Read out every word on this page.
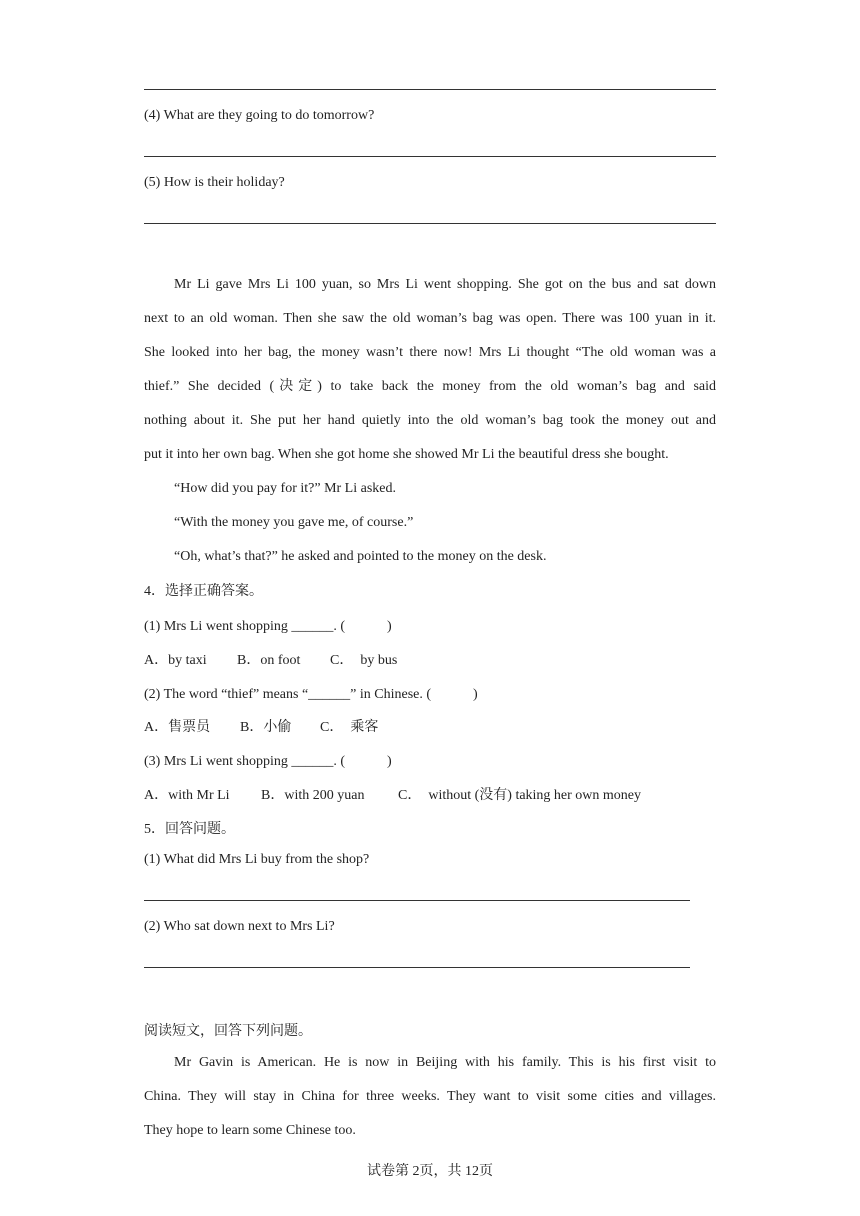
(4) What are they going to do tomorrow?
(5) How is their holiday?
Mr Li gave Mrs Li 100 yuan, so Mrs Li went shopping. She got on the bus and sat down
next to an old woman. Then she saw the old woman’s bag was open. There was 100 yuan in it.
She looked into her bag, the money wasn’t there now! Mrs Li thought “The old woman was a
thief.” She decided (决定) to take back the money from the old woman’s bag and said
nothing about it. She put her hand quietly into the old woman’s bag took the money out and
put it into her own bag. When she got home she showed Mr Li the beautiful dress she bought.
“How did you pay for it?” Mr Li asked.
“With the money you gave me, of course.”
“Oh, what’s that?” he asked and pointed to the money on the desk.
4．选择正确答案。
(1) Mrs Li went shopping ______. (　　　)
A．by taxi B．on foot C．　by bus
(2) The word “thief” means “______” in Chinese. (　　　)
A．售票员 B．小偷 C．　乘客
(3) Mrs Li went shopping ______. (　　　)
A．with Mr Li B．with 200 yuan C．　without (没有) taking her own money
5．回答问题。
(1) What did Mrs Li buy from the shop?
(2) Who sat down next to Mrs Li?
阅读短文，回答下列问题。
Mr Gavin is American. He is now in Beijing with his family. This is his first visit to
China. They will stay in China for three weeks. They want to visit some cities and villages.
They hope to learn some Chinese too.
试卷第 2页，共 12页
